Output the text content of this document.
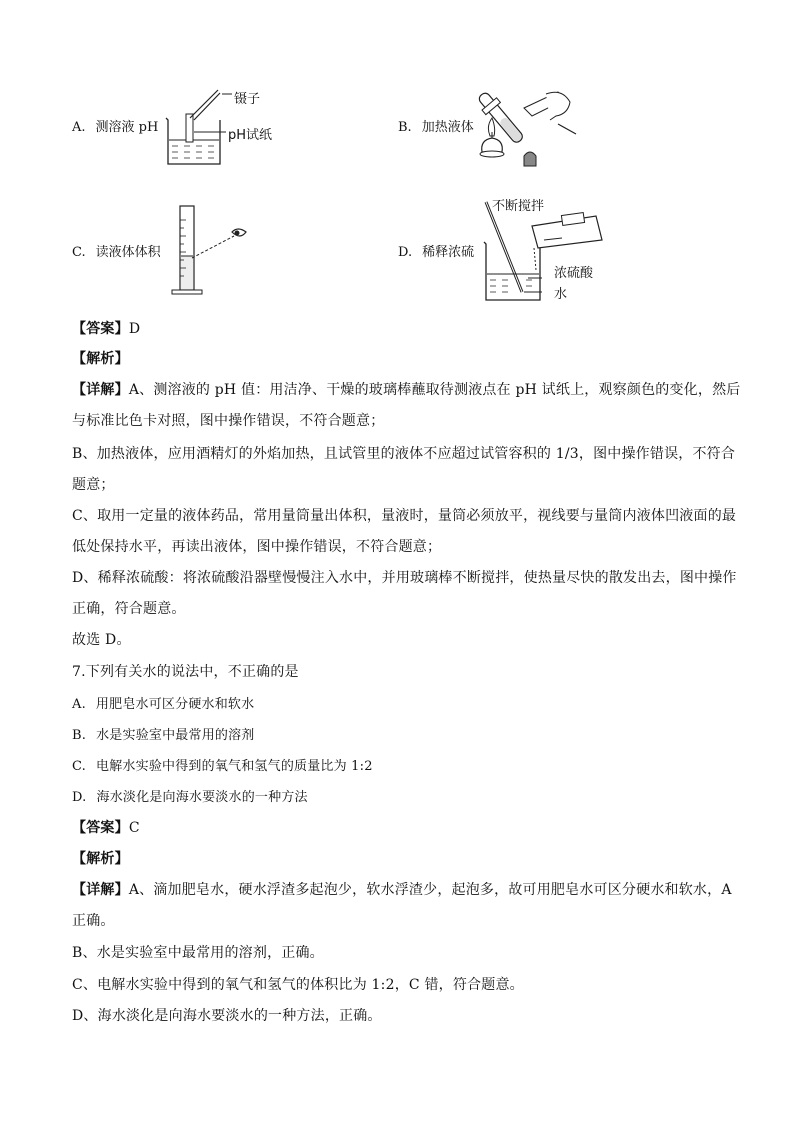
A. 测溶液 pH
镊子
pH试纸
B. 加热液体
C. 读液体体积	D. 稀释浓硫
不断搅拌
浓硫酸
水
【答案】D
【解析】
【详解】A、测溶液的 pH 值：用洁净、干燥的玻璃棒蘸取待测液点在 pH 试纸上，观察颜色的变化，然后
与标准比色卡对照，图中操作错误，不符合题意；
B、加热液体，应用酒精灯的外焰加热，且试管里的液体不应超过试管容积的 1/3，图中操作错误，不符合
题意；
C、取用一定量的液体药品，常用量筒量出体积，量液时，量筒必须放平，视线要与量筒内液体凹液面的最
低处保持水平，再读出液体，图中操作错误，不符合题意；
D、稀释浓硫酸：将浓硫酸沿器壁慢慢注入水中，并用玻璃棒不断搅拌，使热量尽快的散发出去，图中操作
正确，符合题意。
故选 D。
7.下列有关水的说法中，不正确的是
A. 用肥皂水可区分硬水和软水
B. 水是实验室中最常用的溶剂
C. 电解水实验中得到的氧气和氢气的质量比为 1:2
D. 海水淡化是向海水要淡水的一种方法
【答案】C
【解析】
【详解】A、滴加肥皂水，硬水浮渣多起泡少，软水浮渣少，起泡多，故可用肥皂水可区分硬水和软水，A
正确。
B、水是实验室中最常用的溶剂，正确。
C、电解水实验中得到的氧气和氢气的体积比为 1:2，C 错，符合题意。
D、海水淡化是向海水要淡水的一种方法，正确。
